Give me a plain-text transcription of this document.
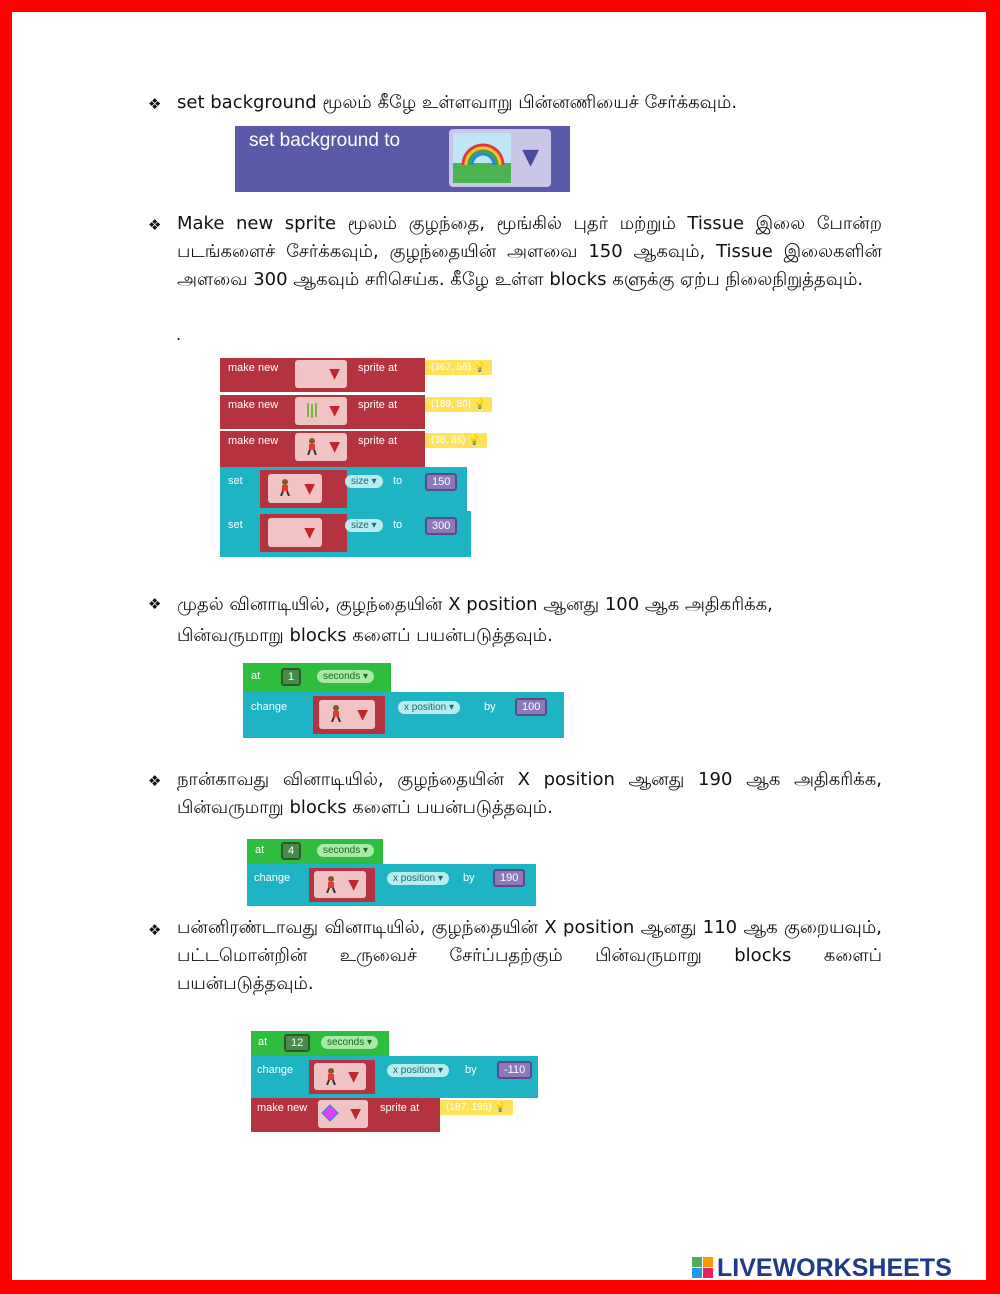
❖ set background மூலம் கீழே உள்ளவாறு பின்னணியைச் சேர்க்கவும்.
set background to
▼
❖ Make new sprite மூலம் குழந்தை, மூங்கில் புதர் மற்றும் Tissue இலை போன்ற படங்களைச் சேர்க்கவும், குழந்தையின் அளவை 150 ஆகவும், Tissue இலைகளின் அளவை 300 ஆகவும் சரிசெய்க. கீழே உள்ள blocks களுக்கு ஏற்ப நிலைநிறுத்தவும்.
.
make new	▼ sprite at	(367, 56) 💡
make new	▼ sprite at	(189, 80) 💡
make new	▼ sprite at	(38, 86) 💡
set	▼	size ▾	to	150
set	▼	size ▾	to	300
❖ முதல் வினாடியில், குழந்தையின் X position ஆனது 100 ஆக அதிகரிக்க, பின்வருமாறு blocks களைப் பயன்படுத்தவும்.
at	1	seconds ▾
change	▼	x position ▾	by	100
❖ நான்காவது வினாடியில், குழந்தையின் X position ஆனது 190 ஆக அதிகரிக்க, பின்வருமாறு blocks களைப் பயன்படுத்தவும்.
at	4	seconds ▾
change	▼	x position ▾	by	190
❖ பன்னிரண்டாவது வினாடியில், குழந்தையின் X position ஆனது 110 ஆக குறையவும், பட்டமொன்றின் உருவைச் சேர்ப்பதற்கும் பின்வருமாறு blocks களைப் பயன்படுத்தவும்.
at	12	seconds ▾
change	▼	x position ▾	by	-110
make new	▼ sprite at	(187, 195) 💡
LIVEWORKSHEETS
